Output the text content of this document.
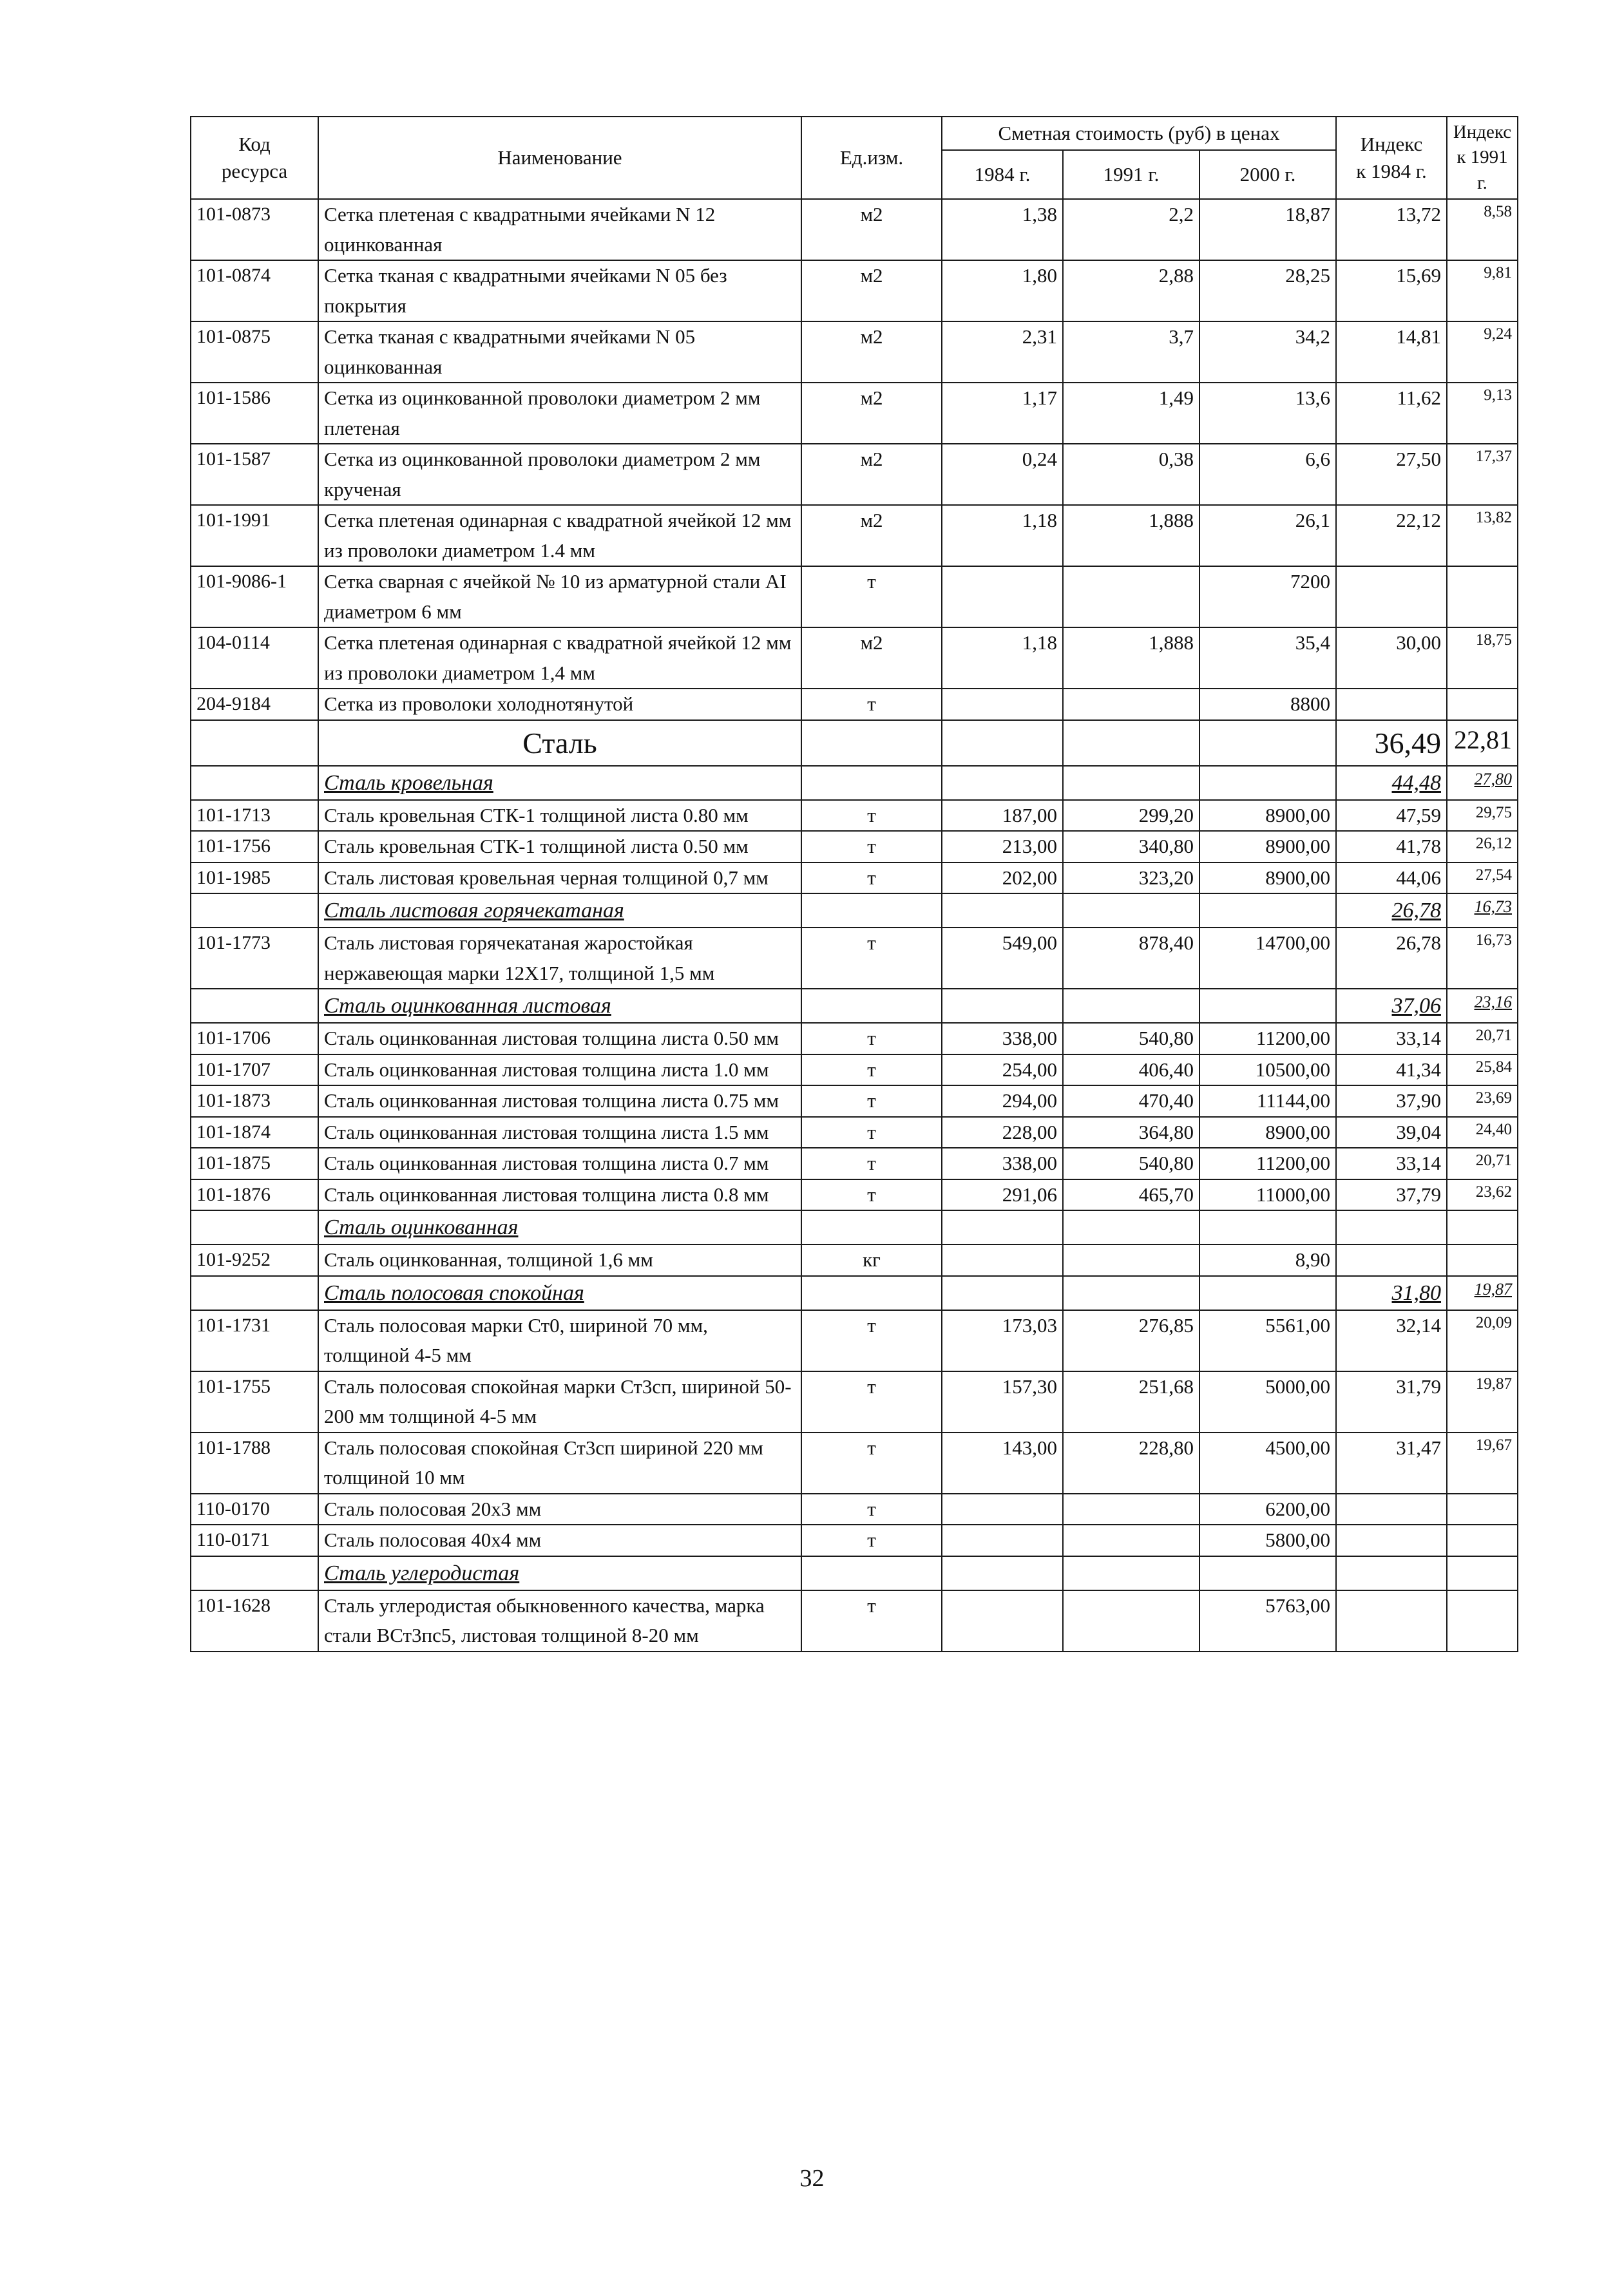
Код
ресурса	Наименование	Ед.изм.	Сметная стоимость (руб) в ценах			Индекс
к 1984 г.	Индекс
к 1991 г.
			1984 г.	1991 г.	2000 г.		
101-0873	Сетка плетеная с квадратными ячейками N 12 оцинкованная	м2	1,38	2,2	18,87	13,72	8,58
101-0874	Сетка тканая с квадратными ячейками N 05 без покрытия	м2	1,80	2,88	28,25	15,69	9,81
101-0875	Сетка тканая с квадратными ячейками N 05 оцинкованная	м2	2,31	3,7	34,2	14,81	9,24
101-1586	Сетка из оцинкованной проволоки диаметром 2 мм плетеная	м2	1,17	1,49	13,6	11,62	9,13
101-1587	Сетка из оцинкованной проволоки диаметром 2 мм крученая	м2	0,24	0,38	6,6	27,50	17,37
101-1991	Сетка плетеная одинарная с квадратной ячейкой 12 мм из проволоки диаметром 1.4 мм	м2	1,18	1,888	26,1	22,12	13,82
101-9086-1	Сетка сварная с ячейкой № 10 из арматурной стали AI диаметром 6 мм	т			7200		
104-0114	Сетка плетеная одинарная с квадратной ячейкой 12 мм из проволоки диаметром 1,4 мм	м2	1,18	1,888	35,4	30,00	18,75
204-9184	Сетка из проволоки холоднотянутой	т			8800		
	Сталь					36,49	22,81
	Сталь кровельная					44,48	27,80
101-1713	Сталь кровельная СТК-1 толщиной листа 0.80 мм	т	187,00	299,20	8900,00	47,59	29,75
101-1756	Сталь кровельная СТК-1 толщиной листа 0.50 мм	т	213,00	340,80	8900,00	41,78	26,12
101-1985	Сталь листовая кровельная черная толщиной 0,7 мм	т	202,00	323,20	8900,00	44,06	27,54
	Сталь листовая горячекатаная					26,78	16,73
101-1773	Сталь листовая горячекатаная жаростойкая нержавеющая марки 12Х17, толщиной 1,5 мм	т	549,00	878,40	14700,00	26,78	16,73
	Сталь оцинкованная листовая					37,06	23,16
101-1706	Сталь оцинкованная листовая толщина листа 0.50 мм	т	338,00	540,80	11200,00	33,14	20,71
101-1707	Сталь оцинкованная листовая толщина листа 1.0 мм	т	254,00	406,40	10500,00	41,34	25,84
101-1873	Сталь оцинкованная листовая толщина листа 0.75 мм	т	294,00	470,40	11144,00	37,90	23,69
101-1874	Сталь оцинкованная листовая толщина листа 1.5 мм	т	228,00	364,80	8900,00	39,04	24,40
101-1875	Сталь оцинкованная листовая толщина листа 0.7 мм	т	338,00	540,80	11200,00	33,14	20,71
101-1876	Сталь оцинкованная листовая толщина листа 0.8 мм	т	291,06	465,70	11000,00	37,79	23,62
	Сталь оцинкованная						
101-9252	Сталь оцинкованная, толщиной 1,6 мм	кг			8,90		
	Сталь полосовая спокойная					31,80	19,87
101-1731	Сталь полосовая марки Ст0, шириной 70 мм, толщиной 4-5 мм	т	173,03	276,85	5561,00	32,14	20,09
101-1755	Сталь полосовая спокойная марки Ст3сп, шириной 50-200 мм толщиной 4-5 мм	т	157,30	251,68	5000,00	31,79	19,87
101-1788	Сталь полосовая спокойная Ст3сп шириной 220 мм толщиной 10 мм	т	143,00	228,80	4500,00	31,47	19,67
110-0170	Сталь полосовая 20х3 мм	т			6200,00		
110-0171	Сталь полосовая 40х4 мм	т			5800,00		
	Сталь углеродистая						
101-1628	Сталь углеродистая обыкновенного качества, марка стали ВСт3пс5, листовая толщиной 8-20 мм	т			5763,00		
32
